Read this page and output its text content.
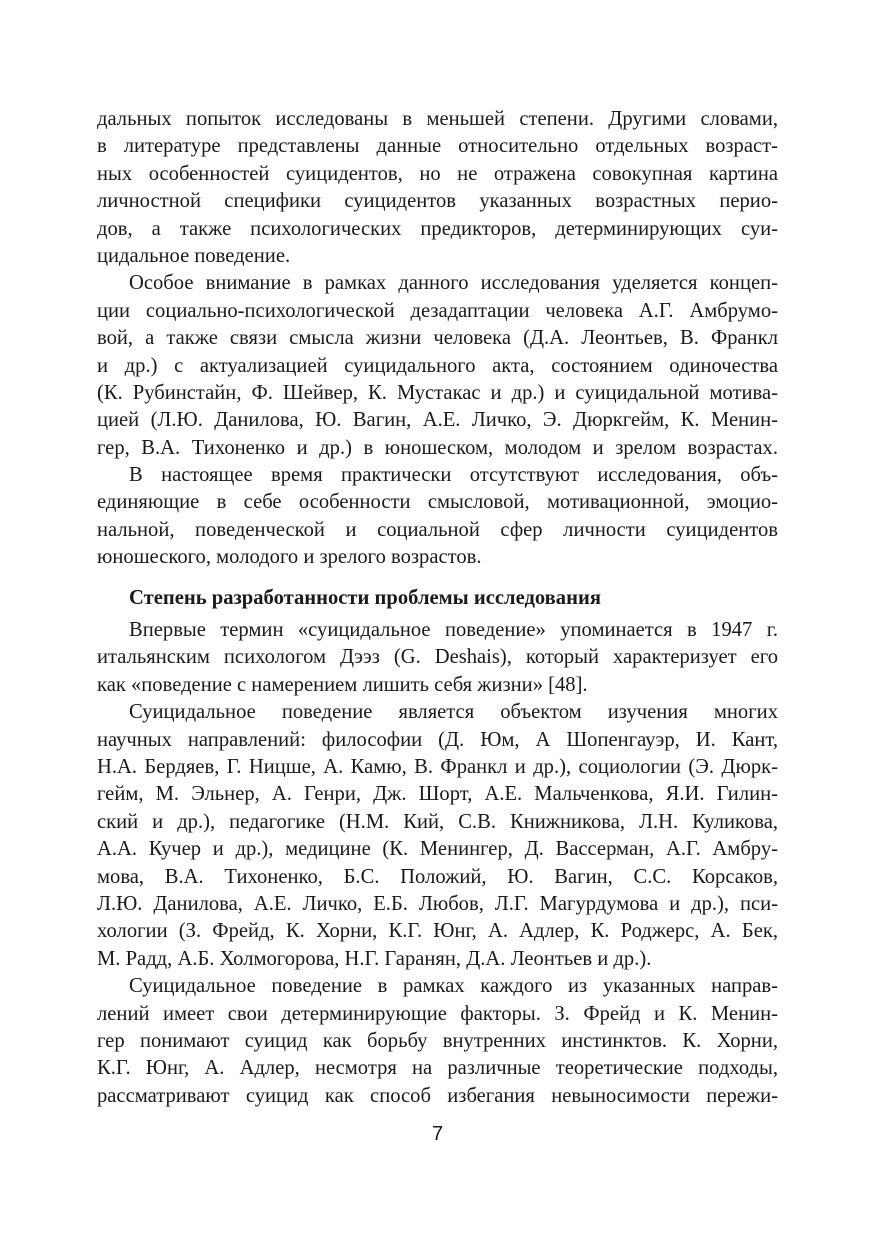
дальных попыток исследованы в меньшей степени. Другими словами,
в литературе представлены данные относительно отдельных возраст-
ных особенностей суицидентов, но не отражена совокупная картина
личностной специфики суицидентов указанных возрастных перио-
дов, а также психологических предикторов, детерминирующих суи-
цидальное поведение.
Особое внимание в рамках данного исследования уделяется концеп-
ции социально-психологической дезадаптации человека А.Г. Амбрумо-
вой, а также связи смысла жизни человека (Д.А. Леонтьев, В. Франкл
и др.) с актуализацией суицидального акта, состоянием одиночества
(К. Рубинстайн, Ф. Шейвер, К. Мустакас и др.) и суицидальной мотива-
цией (Л.Ю. Данилова, Ю. Вагин, А.Е. Личко, Э. Дюркгейм, К. Менин-
гер, В.А. Тихоненко и др.) в юношеском, молодом и зрелом возрастах.
В настоящее время практически отсутствуют исследования, объ-
единяющие в себе особенности смысловой, мотивационной, эмоцио-
нальной, поведенческой и социальной сфер личности суицидентов
юношеского, молодого и зрелого возрастов.
Степень разработанности проблемы исследования
Впервые термин «суицидальное поведение» упоминается в 1947 г.
итальянским психологом Дээз (G. Deshais), который характеризует его
как «поведение с намерением лишить себя жизни» [48].
Суицидальное поведение является объектом изучения многих
научных направлений: философии (Д. Юм, А Шопенгауэр, И. Кант,
Н.А. Бердяев, Г. Ницше, А. Камю, В. Франкл и др.), социологии (Э. Дюрк-
гейм, М. Эльнер, А. Генри, Дж. Шорт, А.Е. Мальченкова, Я.И. Гилин-
ский и др.), педагогике (Н.М. Кий, С.В. Книжникова, Л.Н. Куликова,
А.А. Кучер и др.), медицине (К. Менингер, Д. Вассерман, А.Г. Амбру-
мова, В.А. Тихоненко, Б.С. Положий, Ю. Вагин, С.С. Корсаков,
Л.Ю. Данилова, А.Е. Личко, Е.Б. Любов, Л.Г. Магурдумова и др.), пси-
хологии (З. Фрейд, К. Хорни, К.Г. Юнг, А. Адлер, К. Роджерс, А. Бек,
М. Радд, А.Б. Холмогорова, Н.Г. Гаранян, Д.А. Леонтьев и др.).
Суицидальное поведение в рамках каждого из указанных направ-
лений имеет свои детерминирующие факторы. З. Фрейд и К. Менин-
гер понимают суицид как борьбу внутренних инстинктов. К. Хорни,
К.Г. Юнг, А. Адлер, несмотря на различные теоретические подходы,
рассматривают суицид как способ избегания невыносимости пережи-
7
